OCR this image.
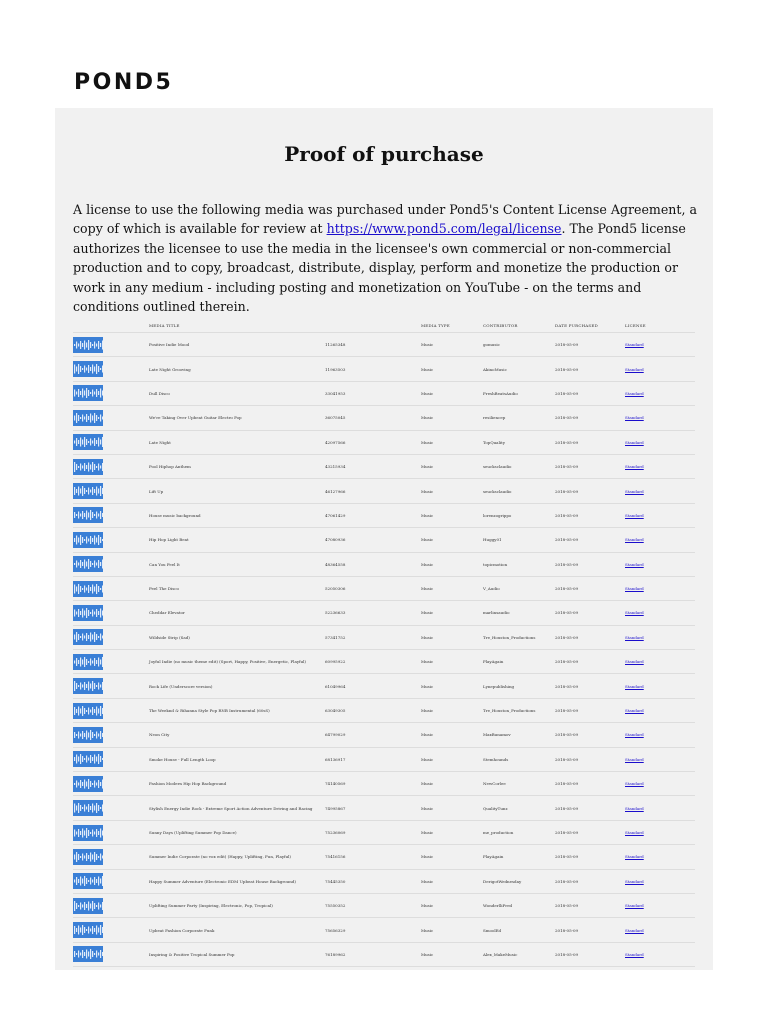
POND5
Proof of purchase

A license to use the following media was purchased under Pond5's Content License Agreement, a copy of which is available for review at https://www.pond5.com/legal/license. The Pond5 license authorizes the licensee to use the media in the licensee's own commercial or non-commercial production and to copy, broadcast, distribute, display, perform and monetize the production or work in any medium - including posting and monetization on YouTube - on the terms and conditions outlined therein.

	MEDIA TITLE		MEDIA TYPE	CONTRIBUTOR	DATE PURCHASED	LICENSE

	Positive Indie Mood	11265348	Music	gomusic	2018-05-09	Standard

	Late Night Grooving	11963503	Music	AkinoMusic	2018-05-09	Standard

	Dull Disco	33041953	Music	FreshBeatsAudio	2018-05-09	Standard

	We're Taking Over Upbeat Guitar Electro Pop	36075045	Music	resiliencep	2018-05-09	Standard

	Late Night	42097566	Music	TopQuality	2018-05-09	Standard

	Pool Hiphop Anthem	43215934	Music	seucksclaudio	2018-05-09	Standard

	Lift Up	46127966	Music	seucksclaudio	2018-05-09	Standard

	House music background	47061429	Music	lorenzogrippo	2018-05-09	Standard

	Hip Hop Light Beat	47080936	Music	Huggy01	2018-05-09	Standard

	Can You Feel It	48364558	Music	topicmotion	2018-05-09	Standard

	Feel The Disco	52050306	Music	V_Audio	2018-05-09	Standard

	Cheddar Elevator	52236633	Music	marlinsaudio	2018-05-09	Standard

	Wildside Strip (Sad)	57341752	Music	Tre_Houston_Productions	2018-05-09	Standard

	Joyful Indie (no music theme edit) (Sport, Happy, Positive, Energetic, Playful)	60995922	Music	PlayAgain	2018-05-09	Standard

	Rock Life (Underscore version)	61049964	Music	Lynepublishing	2018-05-09	Standard

	The Weeknd & Rihanna Style Pop RNB Instrumental (60sS)	63049305	Music	Tre_Houston_Productions	2018-05-09	Standard

	Neon City	64799029	Music	MaxBunamov	2018-05-09	Standard

	Smoke House - Full Length Loop	68136917	Music	Stemhounds	2018-05-09	Standard

	Fashion Modern Hip Hop Background	74140569	Music	NewCorlee	2018-05-09	Standard

	Stylish Energy Indie Rock - Extreme Sport Action Adventure Driving and Racing	74995867	Music	QualityTunz	2018-05-09	Standard

	Sunny Days (Uplifting Summer Pop Dance)	75236069	Music	me_production	2018-05-09	Standard

	Summer Indie Corporate (no vox edit) (Happy, Uplifting, Fun, Playful)	75416156	Music	PlayAgain	2018-05-09	Standard

	Happy Summer Adventure (Electronic EDM Upbeat House Background)	75445350	Music	DerigotWednesday	2018-05-09	Standard

	Uplifting Summer Party (Inspiring, Electronic, Pop, Tropical)	75550352	Music	WonderlliFred	2018-05-09	Standard

	Upbeat Fashion Corporate Funk	75656329	Music	SmoolEd	2018-05-09	Standard

	Inspiring & Positive Tropical Summer Pop	76189962	Music	Alex_MakeMusic	2018-05-09	Standard
